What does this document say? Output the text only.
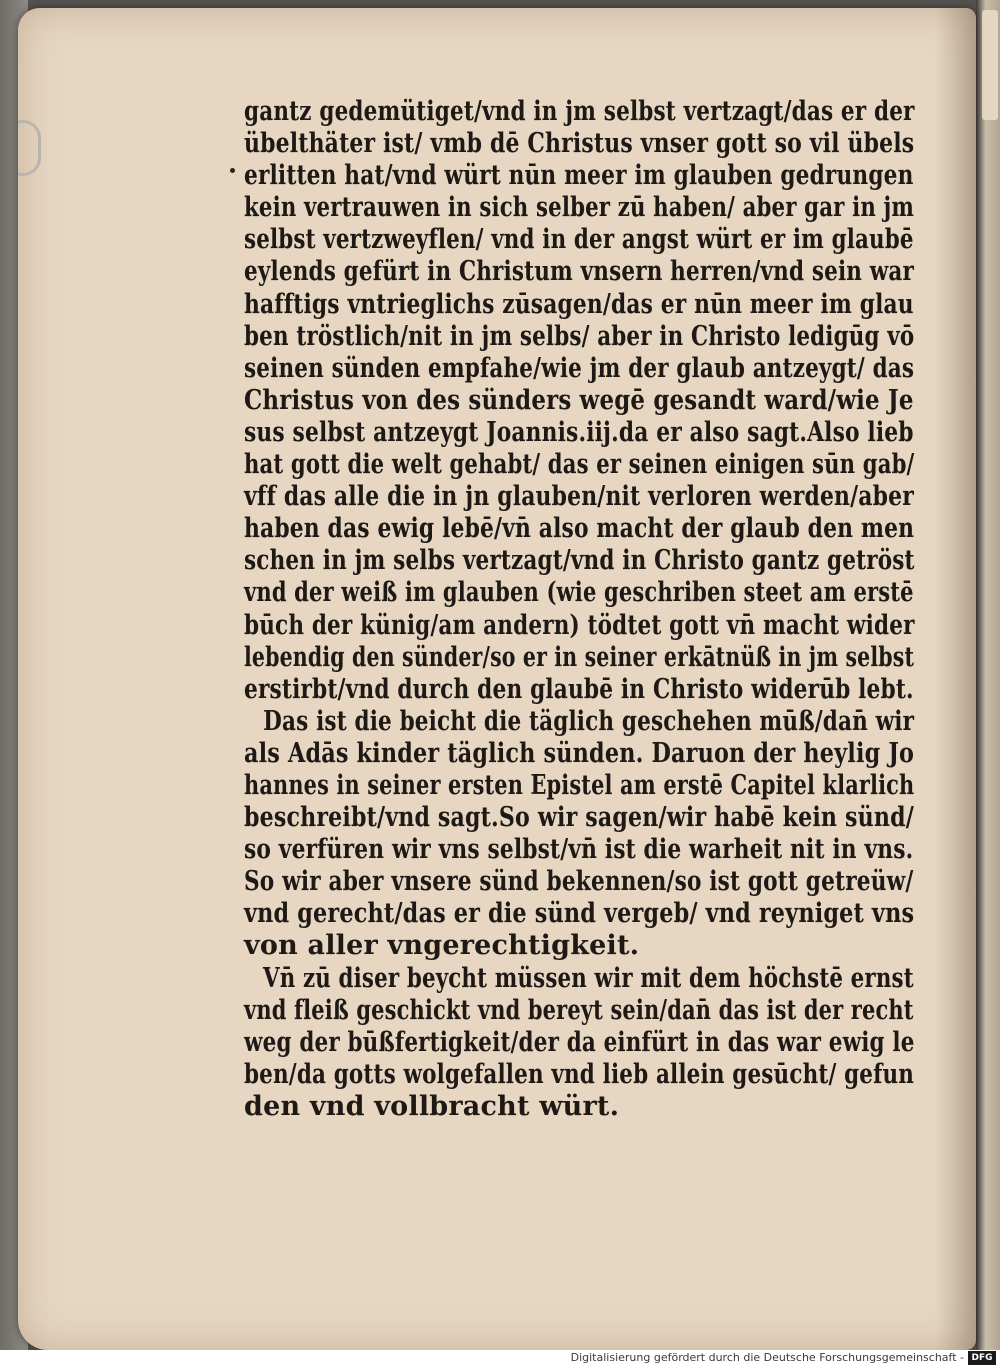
gantz gedemütiget/vnd in jm selbst vertzagt/das er der
übelthäter ist/ vmb dē Christus vnser gott so vil übels
erlitten hat/vnd würt nūn meer im glauben gedrungen
kein vertrauwen in sich selber zū haben/ aber gar in jm
selbst vertzweyflen/ vnd in der angst würt er im glaubē
eylends gefürt in Christum vnsern herren/vnd sein war
hafftigs vntrieglichs zūsagen/das er nūn meer im glau
ben tröstlich/nit in jm selbs/ aber in Christo ledigūg vō
seinen sünden empfahe/wie jm der glaub antzeygt/ das
Christus von des sünders wegē gesandt ward/wie Je
sus selbst antzeygt Joannis.iij.da er also sagt.Also lieb
hat gott die welt gehabt/ das er seinen einigen sūn gab/
vff das alle die in jn glauben/nit verloren werden/aber
haben das ewig lebē/vn̄ also macht der glaub den men
schen in jm selbs vertzagt/vnd in Christo gantz getröst
vnd der weiß im glauben (wie geschriben steet am erstē
būch der künig/am andern) tödtet gott vn̄ macht wider
lebendig den sünder/so er in seiner erkātnüß in jm selbst
erstirbt/vnd durch den glaubē in Christo widerūb lebt.
Das ist die beicht die täglich geschehen mūß/dan̄ wir
als Adās kinder täglich sünden. Daruon der heylig Jo
hannes in seiner ersten Epistel am erstē Capitel klarlich
beschreibt/vnd sagt.So wir sagen/wir habē kein sünd/
so verfüren wir vns selbst/vn̄ ist die warheit nit in vns.
So wir aber vnsere sünd bekennen/so ist gott getreüw/
vnd gerecht/das er die sünd vergeb/ vnd reyniget vns
von aller vngerechtigkeit.
Vn̄ zū diser beycht müssen wir mit dem höchstē ernst
vnd fleiß geschickt vnd bereyt sein/dan̄ das ist der recht
weg der būßfertigkeit/der da einfürt in das war ewig le
ben/da gotts wolgefallen vnd lieb allein gesūcht/ gefun
den vnd vollbracht würt.
Digitalisierung gefördert durch die Deutsche Forschungsgemeinschaft - DFG
